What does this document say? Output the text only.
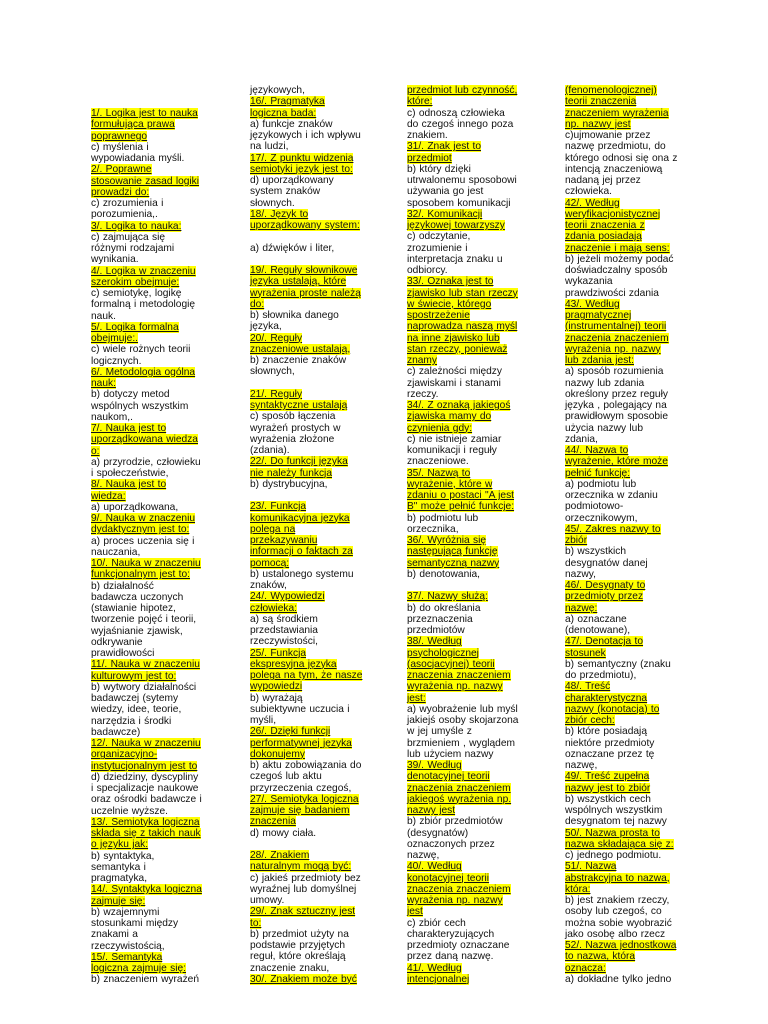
1/. Logika jest to nauka
formułująca prawa
poprawnego
c) myślenia i
wypowiadania myśli.
2/. Poprawne
stosowanie zasad logiki
prowadzi do:
c) zrozumienia i
porozumienia,.
3/. Logika to nauka:
c) zajmująca się
różnymi rodzajami
wynikania.
4/. Logika w znaczeniu
szerokim obejmuje:
c) semiotykę, logikę
formalną i metodologię
nauk.
5/. Logika formalna
obejmuje:.
c) wiele rożnych teorii
logicznych.
6/. Metodologia ogólna
nauk:
b) dotyczy metod
wspólnych wszystkim
naukom,.
7/. Nauka jest to
uporządkowana wiedza
o:
a) przyrodzie, człowieku
i społeczeństwie,
8/. Nauka jest to
wiedza:
a) uporządkowana,
9/. Nauka w znaczeniu
dydaktycznym jest to:
a) proces uczenia się i
nauczania,
10/. Nauka w znaczeniu
funkcjonalnym jest to:
b) działalność
badawcza uczonych
(stawianie hipotez,
tworzenie pojęć i teorii,
wyjaśnianie zjawisk,
odkrywanie
prawidłowości
11/. Nauka w znaczeniu
kulturowym jest to:
b) wytwory działalności
badawczej (sytemy
wiedzy, idee, teorie,
narzędzia i środki
badawcze)
12/. Nauka w znaczeniu
organizacyjno-
instytucjonalnym jest to
d) dziedziny, dyscypliny
i specjalizacje naukowe
oraz ośrodki badawcze i
uczelnie wyższe.
13/. Semiotyka logiczna
składa się z takich nauk
o języku jak:
b) syntaktyka,
semantyka i
pragmatyka,
14/. Syntaktyka logiczna
zajmuje się:
b) wzajemnymi
stosunkami między
znakami a
rzeczywistością,
15/. Semantyka
logiczna zajmuje się:
b) znaczeniem wyrażeń
językowych,
16/. Pragmatyka
logiczna bada:
a) funkcje znaków
językowych i ich wpływu
na ludzi,
17/. Z punktu widzenia
semiotyki język jest to:
d) uporządkowany
system znaków
słownych.
18/. Język to
uporządkowany system:
a) dźwięków i liter,
19/. Reguły słownikowe
języka ustalają, które
wyrażenia proste należą
do:
b) słownika danego
języka,
20/. Reguły
znaczeniowe ustalają,
b) znaczenie znaków
słownych,
21/. Reguły
syntaktyczne ustalają
c) sposób łączenia
wyrażeń prostych w
wyrażenia złożone
(zdania).
22/. Do funkcji języka
nie należy funkcja
b) dystrybucyjna,
23/. Funkcja
komunikacyjna języka
polega na
przekazywaniu
informacji o faktach za
pomocą:
b) ustalonego systemu
znaków,
24/. Wypowiedzi
człowieka:
a) są środkiem
przedstawiania
rzeczywistości,
25/. Funkcja
ekspresyjna języka
polega na tym, że nasze
wypowiedzi
b) wyrażają
subiektywne uczucia i
myśli,
26/. Dzięki funkcji
performatywnej języka
dokonujemy
b) aktu zobowiązania do
czegoś lub aktu
przyrzeczenia czegoś,
27/. Semiotyka logiczna
zajmuje się badaniem
znaczenia
d) mowy ciała.
28/. Znakiem
naturalnym mogą być:
c) jakieś przedmioty bez
wyraźnej lub domyślnej
umowy.
29/. Znak sztuczny jest
to:
b) przedmiot użyty na
podstawie przyjętych
reguł, które określają
znaczenie znaku,
30/. Znakiem może być
przedmiot lub czynność,
które:
c) odnoszą człowieka
do czegoś innego poza
znakiem.
31/. Znak jest to
przedmiot
b) który dzięki
utrwalonemu sposobowi
używania go jest
sposobem komunikacji
32/. Komunikacji
językowej towarzyszy
c) odczytanie,
zrozumienie i
interpretacja znaku u
odbiorcy.
33/. Oznaka jest to
zjawisko lub stan rzeczy
w świecie, którego
spostrzeżenie
naprowadza naszą myśl
na inne zjawisko lub
stan rzeczy, ponieważ
znamy
c) zależności między
zjawiskami i stanami
rzeczy.
34/. Z oznaką jakiegoś
zjawiska mamy do
czynienia gdy:
c) nie istnieje zamiar
komunikacji i reguły
znaczeniowe.
35/. Nazwą to
wyrażenie, które w
zdaniu o postaci "A jest
B" może pełnić funkcje:
b) podmiotu lub
orzecznika,
36/. Wyróżnia się
następującą funkcję
semantyczną nazwy
b) denotowania,
37/. Nazwy służą:
b) do określania
przeznaczenia
przedmiotów
38/. Według
psychologicznej
(asocjacyjnej) teorii
znaczenia znaczeniem
wyrażenia np. nazwy
jest:
a) wyobrażenie lub myśl
jakiejś osoby skojarzona
w jej umyśle z
brzmieniem , wyglądem
lub użyciem nazwy
39/. Według
denotacyjnej teorii
znaczenia znaczeniem
jakiegoś wyrażenia np.
nazwy jest
b) zbiór przedmiotów
(desygnatów)
oznaczonych przez
nazwę,
40/. Według
konotacyjnej teorii
znaczenia znaczeniem
wyrażenia np. nazwy
jest
c) zbiór cech
charakteryzujących
przedmioty oznaczane
przez daną nazwę.
41/. Według
intencjonalnej
(fenomenologicznej)
teorii znaczenia
znaczeniem wyrażenia
np. nazwy jest
c)ujmowanie przez
nazwę przedmiotu, do
którego odnosi się ona z
intencją znaczeniową
nadaną jej przez
człowieka.
42/. Według
weryfikacjonistycznej
teorii znaczenia z
zdania posiadają
znaczenie i mają sens:
b) jeżeli możemy podać
doświadczalny sposób
wykazania
prawdziwości zdania
43/. Według
pragmatycznej
(instrumentalnej) teorii
znaczenia znaczeniem
wyrażenia np. nazwy
lub zdania jest:
a) sposób rozumienia
nazwy lub zdania
określony przez reguły
języka , polegający na
prawidłowym sposobie
użycia nazwy lub
zdania,
44/. Nazwa to
wyrażenie, które może
pełnić funkcję:
a) podmiotu lub
orzecznika w zdaniu
podmiotowo-
orzecznikowym,
45/. Zakres nazwy to
zbiór
b) wszystkich
desygnatów danej
nazwy,
46/. Desygnaty to
przedmioty przez
nazwę:
a) oznaczane
(denotowane),
47/. Denotacja to
stosunek
b) semantyczny (znaku
do przedmiotu),
48/. Treść
charakterystyczna
nazwy (konotacja) to
zbiór cech:
b) które posiadają
niektóre przedmioty
oznaczane przez tę
nazwę,
49/. Treść zupełna
nazwy jest to zbiór
b) wszystkich cech
wspólnych wszystkim
desygnatom tej nazwy
50/. Nazwa prosta to
nazwa składająca się z:
c) jednego podmiotu.
51/. Nazwa
abstrakcyjna to nazwa,
która:
b) jest znakiem rzeczy,
osoby lub czegoś, co
można sobie wyobrazić
jako osobę albo rzecz
52/. Nazwa jednostkowa
to nazwa, która
oznacza:
a) dokładne tylko jedno
